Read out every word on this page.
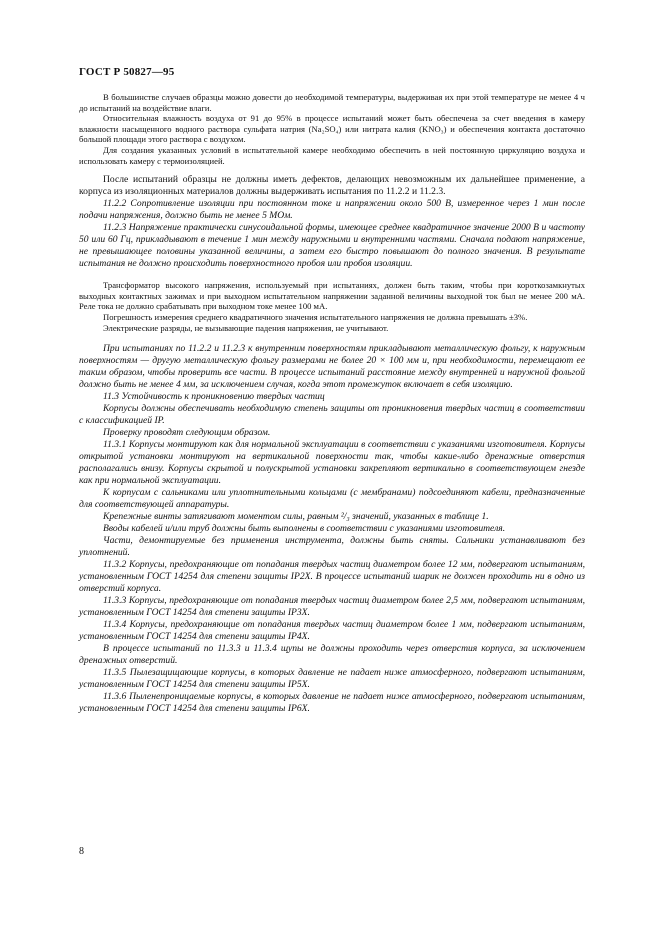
ГОСТ Р 50827—95

В большинстве случаев образцы можно довести до необходимой температуры, выдерживая их при этой температуре не менее 4 ч до испытаний на воздействие влаги.

Относительная влажность воздуха от 91 до 95% в процессе испытаний может быть обеспечена за счет введения в камеру влажности насыщенного водного раствора сульфата натрия (Na₂SO₄) или нитрата калия (KNO₃) и обеспечения контакта достаточно большой площади этого раствора с воздухом.

Для создания указанных условий в испытательной камере необходимо обеспечить в ней постоянную циркуляцию воздуха и использовать камеру с термоизоляцией.

После испытаний образцы не должны иметь дефектов, делающих невозможным их дальнейшее применение, а корпуса из изоляционных материалов должны выдерживать испытания по 11.2.2 и 11.2.3.

11.2.2 Сопротивление изоляции при постоянном токе и напряжении около 500 В, измеренное через 1 мин после подачи напряжения, должно быть не менее 5 МОм.

11.2.3 Напряжение практически синусоидальной формы, имеющее среднее квадратичное значение 2000 В и частоту 50 или 60 Гц, прикладывают в течение 1 мин между наружными и внутренними частями. Сначала подают напряжение, не превышающее половины указанной величины, а затем его быстро повышают до полного значения. В результате испытания не должно происходить поверхностного пробоя или пробоя изоляции.

Трансформатор высокого напряжения, используемый при испытаниях, должен быть таким, чтобы при короткозамкнутых выходных контактных зажимах и при выходном испытательном напряжении заданной величины выходной ток был не менее 200 мА. Реле тока не должно срабатывать при выходном токе менее 100 мА.

Погрешность измерения среднего квадратичного значения испытательного напряжения не должна превышать ±3%.

Электрические разряды, не вызывающие падения напряжения, не учитывают.

При испытаниях по 11.2.2 и 11.2.3 к внутренним поверхностям прикладывают металлическую фольгу, к наружным поверхностям — другую металлическую фольгу размерами не более 20 × 100 мм и, при необходимости, перемещают ее таким образом, чтобы проверить все части. В процессе испытаний расстояние между внутренней и наружной фольгой должно быть не менее 4 мм, за исключением случая, когда этот промежуток включает в себя изоляцию.

11.3 Устойчивость к проникновению твердых частиц

Корпусы должны обеспечивать необходимую степень защиты от проникновения твердых частиц в соответствии с классификацией IP.

Проверку проводят следующим образом.

11.3.1 Корпусы монтируют как для нормальной эксплуатации в соответствии с указаниями изготовителя. Корпусы открытой установки монтируют на вертикальной поверхности так, чтобы какие-либо дренажные отверстия располагались внизу. Корпусы скрытой и полускрытой установки закрепляют вертикально в соответствующем гнезде как при нормальной эксплуатации.

К корпусам с сальниками или уплотнительными кольцами (с мембранами) подсоединяют кабели, предназначенные для соответствующей аппаратуры.

Крепежные винты затягивают моментом силы, равным ²/₃ значений, указанных в таблице 1.

Вводы кабелей и/или труб должны быть выполнены в соответствии с указаниями изготовителя.

Части, демонтируемые без применения инструмента, должны быть сняты. Сальники устанавливают без уплотнений.

11.3.2 Корпусы, предохраняющие от попадания твердых частиц диаметром более 12 мм, подвергают испытаниям, установленным ГОСТ 14254 для степени защиты IP2X. В процессе испытаний шарик не должен проходить ни в одно из отверстий корпуса.

11.3.3 Корпусы, предохраняющие от попадания твердых частиц диаметром более 2,5 мм, подвергают испытаниям, установленным ГОСТ 14254 для степени защиты IP3X.

11.3.4 Корпусы, предохраняющие от попадания твердых частиц диаметром более 1 мм, подвергают испытаниям, установленным ГОСТ 14254 для степени защиты IP4X.

В процессе испытаний по 11.3.3 и 11.3.4 щупы не должны проходить через отверстия корпуса, за исключением дренажных отверстий.

11.3.5 Пылезащищающие корпусы, в которых давление не падает ниже атмосферного, подвергают испытаниям, установленным ГОСТ 14254 для степени защиты IP5X.

11.3.6 Пыленепроницаемые корпусы, в которых давление не падает ниже атмосферного, подвергают испытаниям, установленным ГОСТ 14254 для степени защиты IP6X.

8
